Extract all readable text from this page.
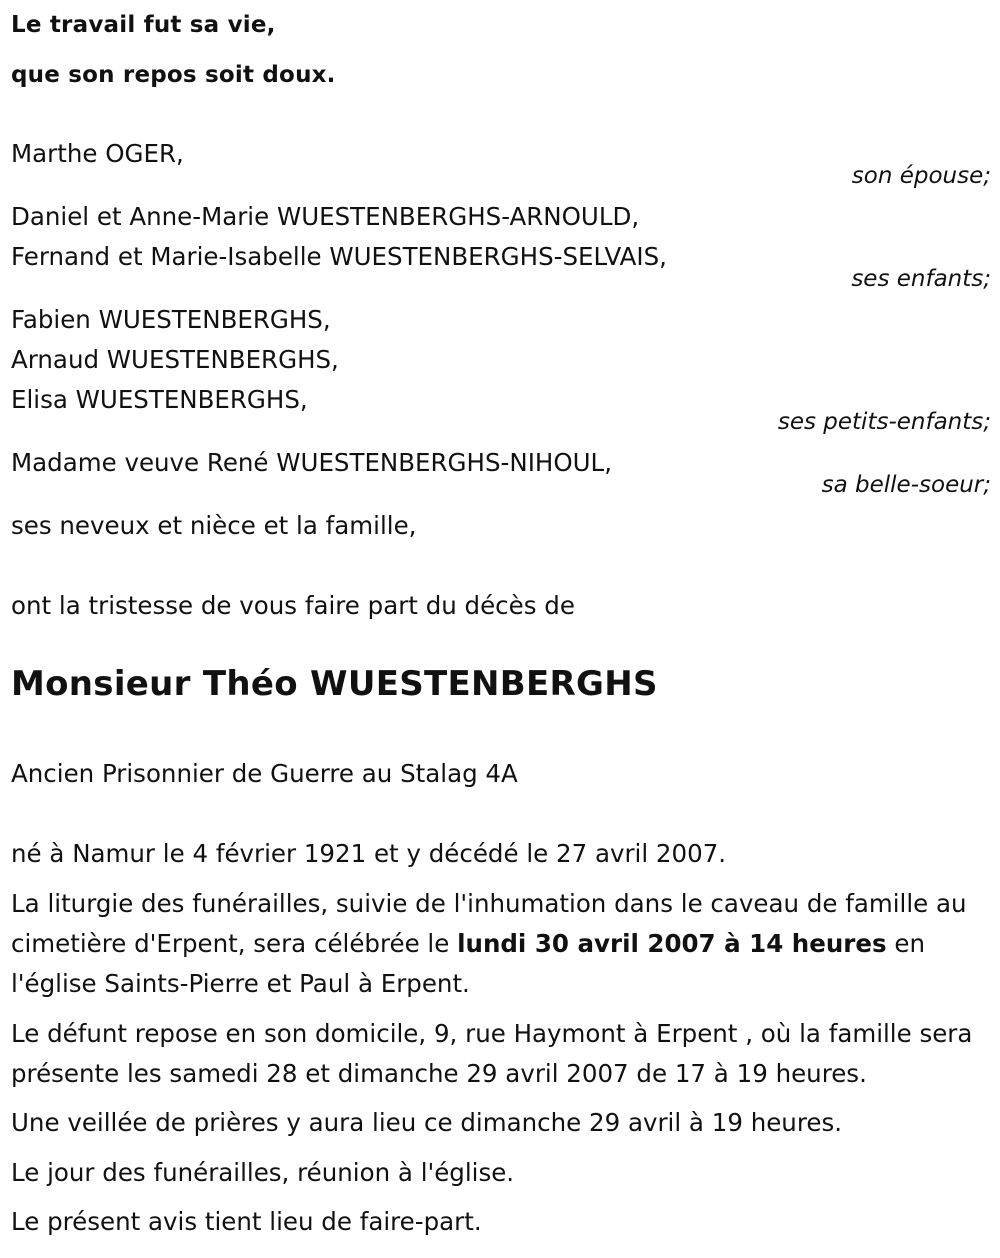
Le travail fut sa vie,
que son repos soit doux.
Marthe OGER,
son épouse;
Daniel et Anne-Marie WUESTENBERGHS-ARNOULD,
Fernand et Marie-Isabelle WUESTENBERGHS-SELVAIS,
ses enfants;
Fabien WUESTENBERGHS,
Arnaud WUESTENBERGHS,
Elisa WUESTENBERGHS,
ses petits-enfants;
Madame veuve René WUESTENBERGHS-NIHOUL,
sa belle-soeur;
ses neveux et nièce et la famille,
ont la tristesse de vous faire part du décès de
Monsieur Théo WUESTENBERGHS
Ancien Prisonnier de Guerre au Stalag 4A
né à Namur le 4 février 1921 et y décédé le 27 avril 2007.
La liturgie des funérailles, suivie de l'inhumation dans le caveau de famille au cimetière d'Erpent, sera célébrée le lundi 30 avril 2007 à 14 heures en l'église Saints-Pierre et Paul à Erpent.
Le défunt repose en son domicile, 9, rue Haymont à Erpent , où la famille sera présente les samedi 28 et dimanche 29 avril 2007 de 17 à 19 heures.
Une veillée de prières y aura lieu ce dimanche 29 avril à 19 heures.
Le jour des funérailles, réunion à l'église.
Le présent avis tient lieu de faire-part.
